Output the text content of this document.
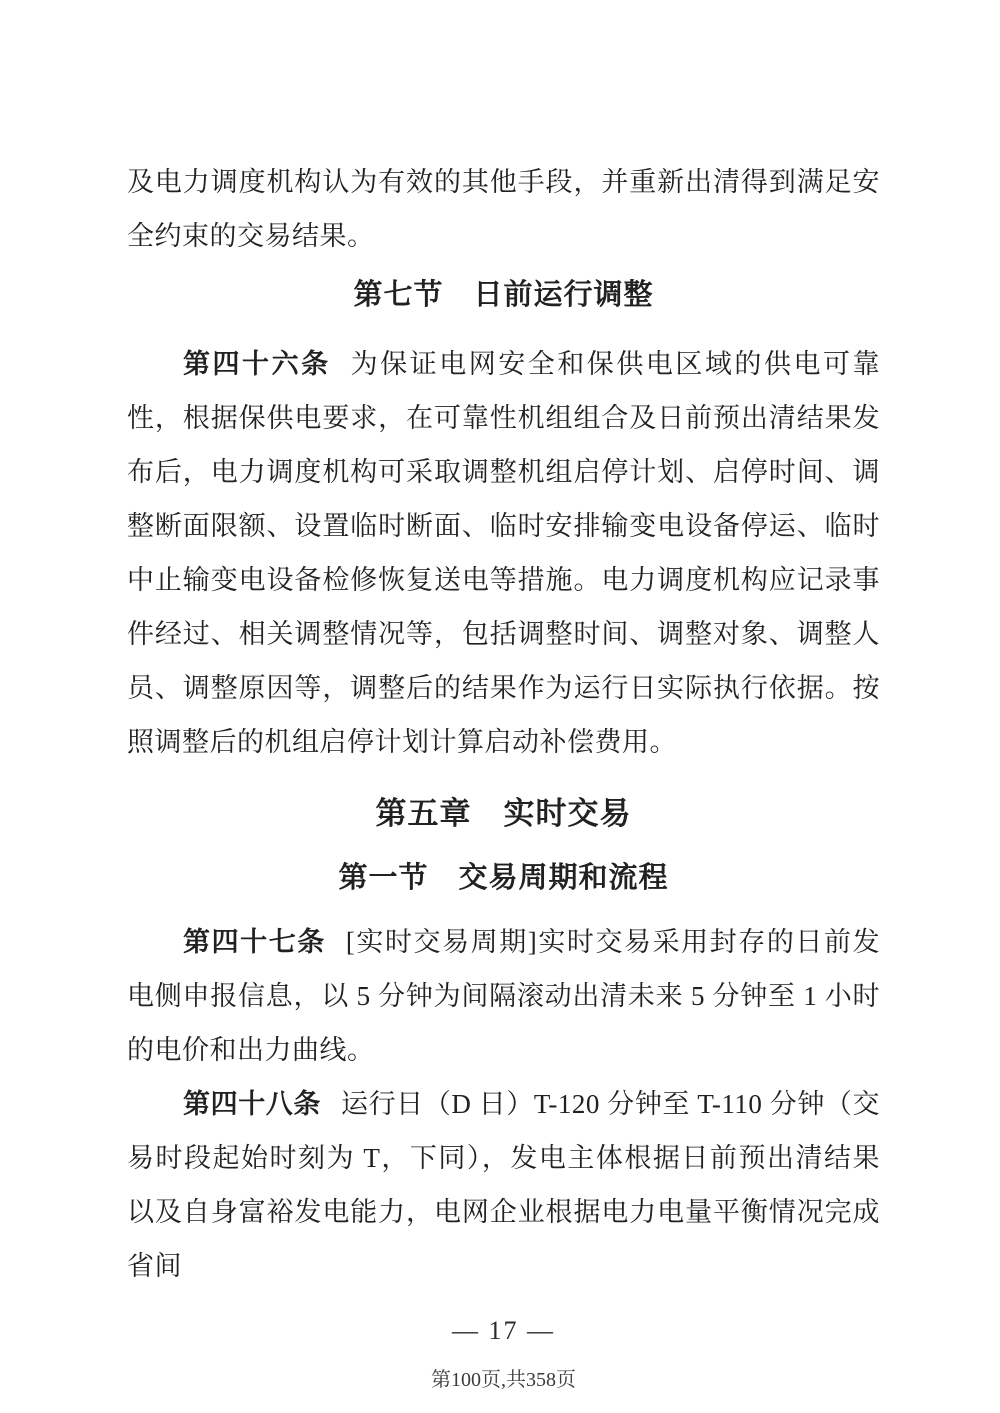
及电力调度机构认为有效的其他手段，并重新出清得到满足安全约束的交易结果。

第七节　日前运行调整

第四十六条 为保证电网安全和保供电区域的供电可靠性，根据保供电要求，在可靠性机组组合及日前预出清结果发布后，电力调度机构可采取调整机组启停计划、启停时间、调整断面限额、设置临时断面、临时安排输变电设备停运、临时中止输变电设备检修恢复送电等措施。电力调度机构应记录事件经过、相关调整情况等，包括调整时间、调整对象、调整人员、调整原因等，调整后的结果作为运行日实际执行依据。按照调整后的机组启停计划计算启动补偿费用。

第五章　实时交易
第一节　交易周期和流程

第四十七条 [实时交易周期]实时交易采用封存的日前发电侧申报信息，以 5 分钟为间隔滚动出清未来 5 分钟至 1 小时的电价和出力曲线。

第四十八条 运行日（D 日）T-120 分钟至 T-110 分钟（交易时段起始时刻为 T，下同），发电主体根据日前预出清结果以及自身富裕发电能力，电网企业根据电力电量平衡情况完成省间

— 17 —
第100页,共358页
